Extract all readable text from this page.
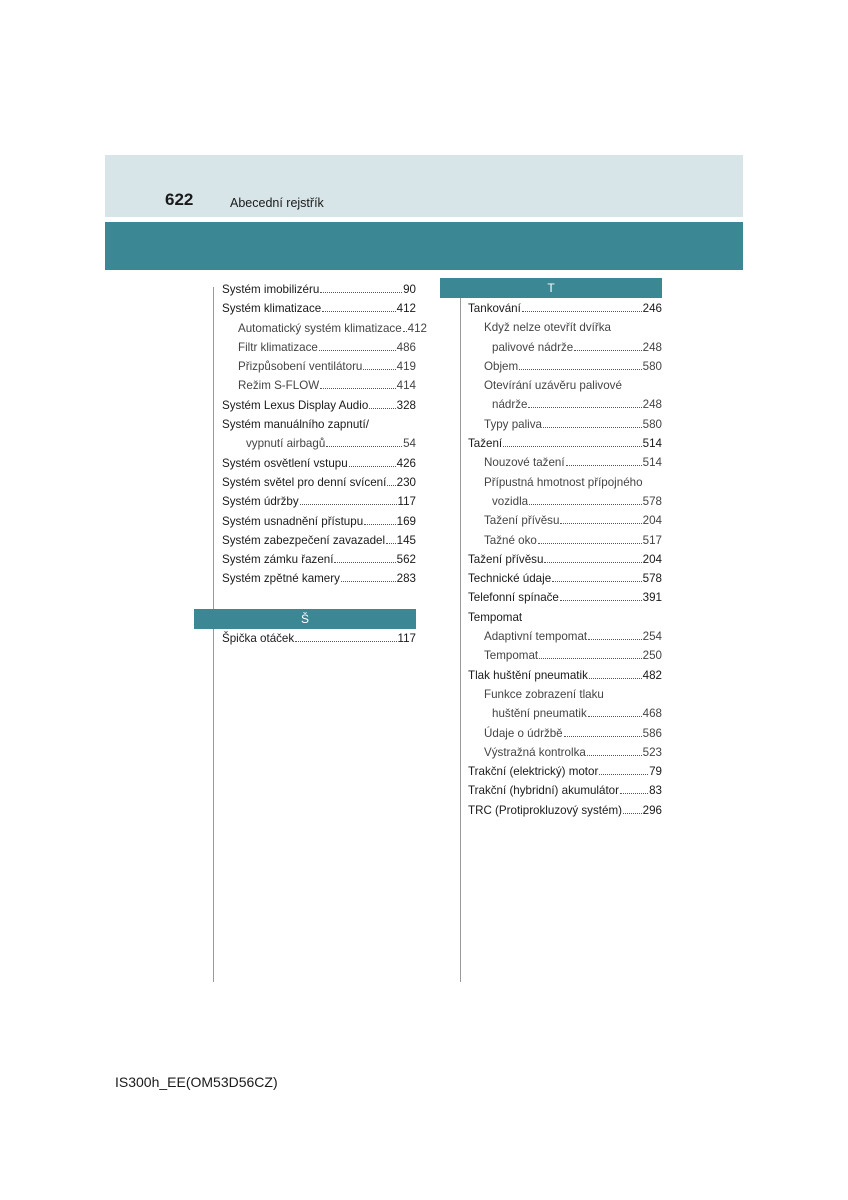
622	Abecední rejstřík
Systém imobilizéru	90
Systém klimatizace	412
Automatický systém klimatizace 412
Filtr klimatizace	486
Přizpůsobení ventilátoru	419
Režim S-FLOW	414
Systém Lexus Display Audio 328
Systém manuálního zapnutí/
vypnutí airbagů	54
Systém osvětlení vstupu	426
Systém světel pro denní svícení 230
Systém údržby	117
Systém usnadnění přístupu	169
Systém zabezpečení zavazadel 145
Systém zámku řazení	562
Systém zpětné kamery	283
Š
Špička otáček	117
T
Tankování	246
Když nelze otevřít dvířka
palivové nádrže	248
Objem	580
Otevírání uzávěru palivové
nádrže	248
Typy paliva	580
Tažení	514
Nouzové tažení	514
Přípustná hmotnost přípojného
vozidla	578
Tažení přívěsu	204
Tažné oko	517
Tažení přívěsu	204
Technické údaje	578
Telefonní spínače	391
Tempomat
Adaptivní tempomat	254
Tempomat	250
Tlak huštění pneumatik	482
Funkce zobrazení tlaku
huštění pneumatik	468
Údaje o údržbě	586
Výstražná kontrolka	523
Trakční (elektrický) motor	79
Trakční (hybridní) akumulátor	83
TRC (Protiprokluzový systém) 296
IS300h_EE(OM53D56CZ)
